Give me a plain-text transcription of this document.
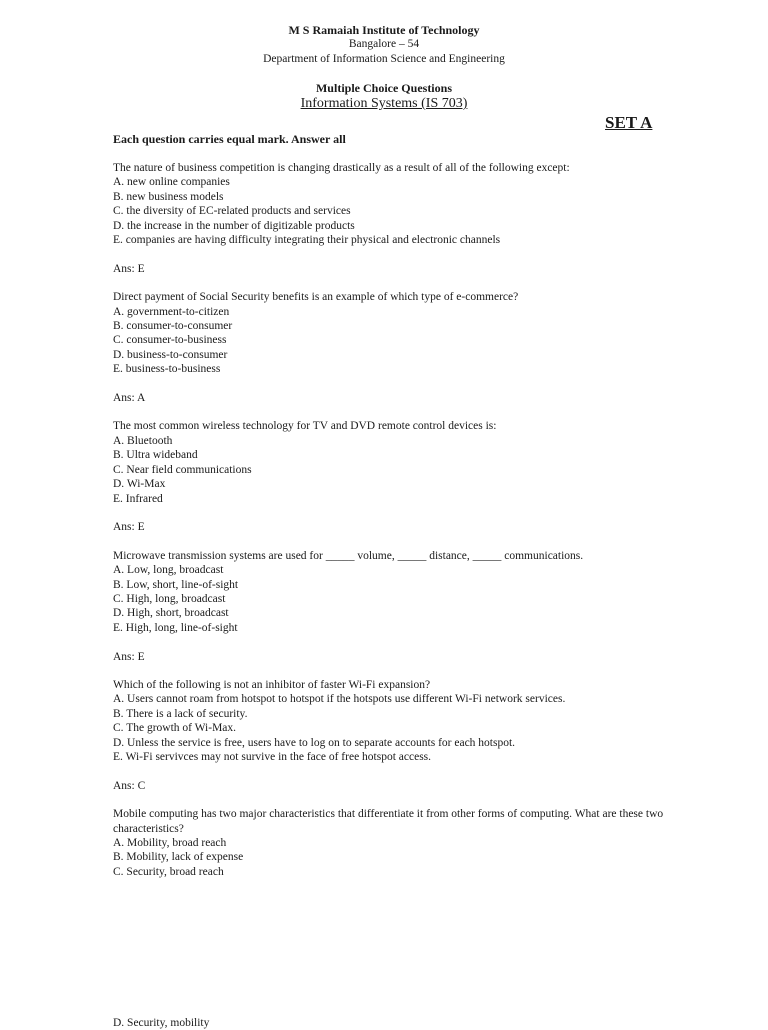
M S Ramaiah Institute of Technology
Bangalore – 54
Department of Information Science and Engineering
Multiple Choice Questions
Information Systems (IS 703)
SET A
Each question carries equal mark. Answer all
The nature of business competition is changing drastically as a result of all of the following except:
A. new online companies
B. new business models
C. the diversity of EC-related products and services
D. the increase in the number of digitizable products
E. companies are having difficulty integrating their physical and electronic channels
Ans: E
Direct payment of Social Security benefits is an example of which type of e-commerce?
A. government-to-citizen
B. consumer-to-consumer
C. consumer-to-business
D. business-to-consumer
E. business-to-business
Ans: A
The most common wireless technology for TV and DVD remote control devices is:
A. Bluetooth
B. Ultra wideband
C. Near field communications
D. Wi-Max
E. Infrared
Ans: E
Microwave transmission systems are used for _____ volume, _____ distance, _____ communications.
A. Low, long, broadcast
B. Low, short, line-of-sight
C. High, long, broadcast
D. High, short, broadcast
E. High, long, line-of-sight
Ans: E
Which of the following is not an inhibitor of faster Wi-Fi expansion?
A. Users cannot roam from hotspot to hotspot if the hotspots use different Wi-Fi network services.
B. There is a lack of security.
C. The growth of Wi-Max.
D. Unless the service is free, users have to log on to separate accounts for each hotspot.
E. Wi-Fi servivces may not survive in the face of free hotspot access.
Ans: C
Mobile computing has two major characteristics that differentiate it from other forms of computing. What are these two characteristics?
A. Mobility, broad reach
B. Mobility, lack of expense
C. Security, broad reach
D. Security, mobility
